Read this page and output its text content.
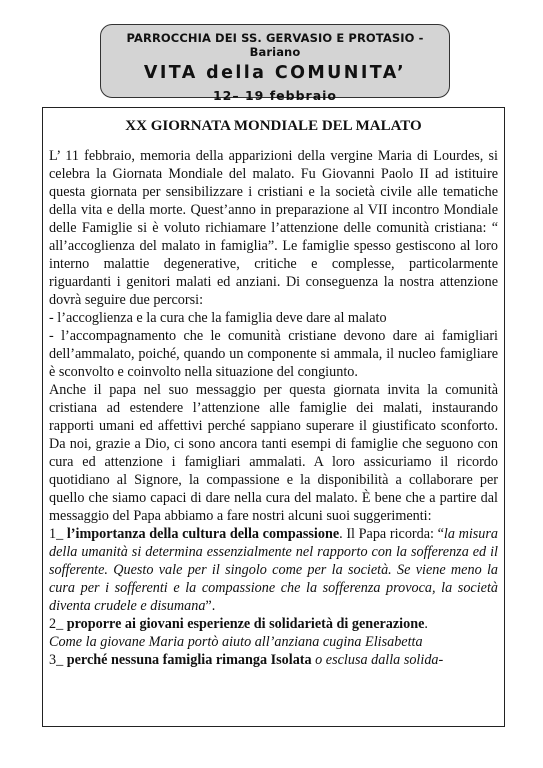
PARROCCHIA DEI SS. GERVASIO E PROTASIO - Bariano
VITA della COMUNITA’
12– 19 febbraio
XX GIORNATA MONDIALE DEL MALATO

L’ 11 febbraio, memoria della apparizioni della vergine Maria di Lourdes, si celebra la Giornata Mondiale del malato. Fu Giovanni Paolo II ad istituire questa giornata per sensibilizzare i cristiani e la società civile alle tematiche della vita e della morte. Quest’anno in preparazione al VII incontro Mondiale delle Famiglie si è voluto richiamare l’attenzione delle comunità cristiana: “ all’accoglienza del malato in famiglia”. Le famiglie spesso gestiscono al loro interno malattie degenerative, critiche e complesse, particolarmente riguardanti i genitori malati ed anziani. Di conseguenza la nostra attenzione dovrà seguire due percorsi:

- l’accoglienza e la cura che la famiglia deve dare al malato

- l’accompagnamento che le comunità cristiane devono dare ai famigliari dell’ammalato, poiché, quando un componente si ammala, il nucleo famigliare è sconvolto e coinvolto nella situazione del congiunto.

Anche il papa nel suo messaggio per questa giornata invita la comunità cristiana ad estendere l’attenzione alle famiglie dei malati, instaurando rapporti umani ed affettivi perché sappiano superare il giustificato sconforto. Da noi, grazie a Dio, ci sono ancora tanti esempi di famiglie che seguono con cura ed attenzione i famigliari ammalati. A loro assicuriamo il ricordo quotidiano al Signore, la compassione e la disponibilità a collaborare per quello che siamo capaci di dare nella cura del malato. È bene che a partire dal messaggio del Papa abbiamo a fare nostri alcuni suoi suggerimenti:

1_ l’importanza della cultura della compassione. Il Papa ricorda: “la misura della umanità si determina essenzialmente nel rapporto con la sofferenza ed il sofferente. Questo vale per il singolo come per la società. Se viene meno la cura per i sofferenti e la compassione che la sofferenza provoca, la società diventa crudele e disumana”.

2_ proporre ai giovani esperienze di solidarietà di generazione.
Come la giovane Maria portò aiuto all’anziana cugina Elisabetta

3_ perché nessuna famiglia rimanga Isolata o esclusa dalla solida-
